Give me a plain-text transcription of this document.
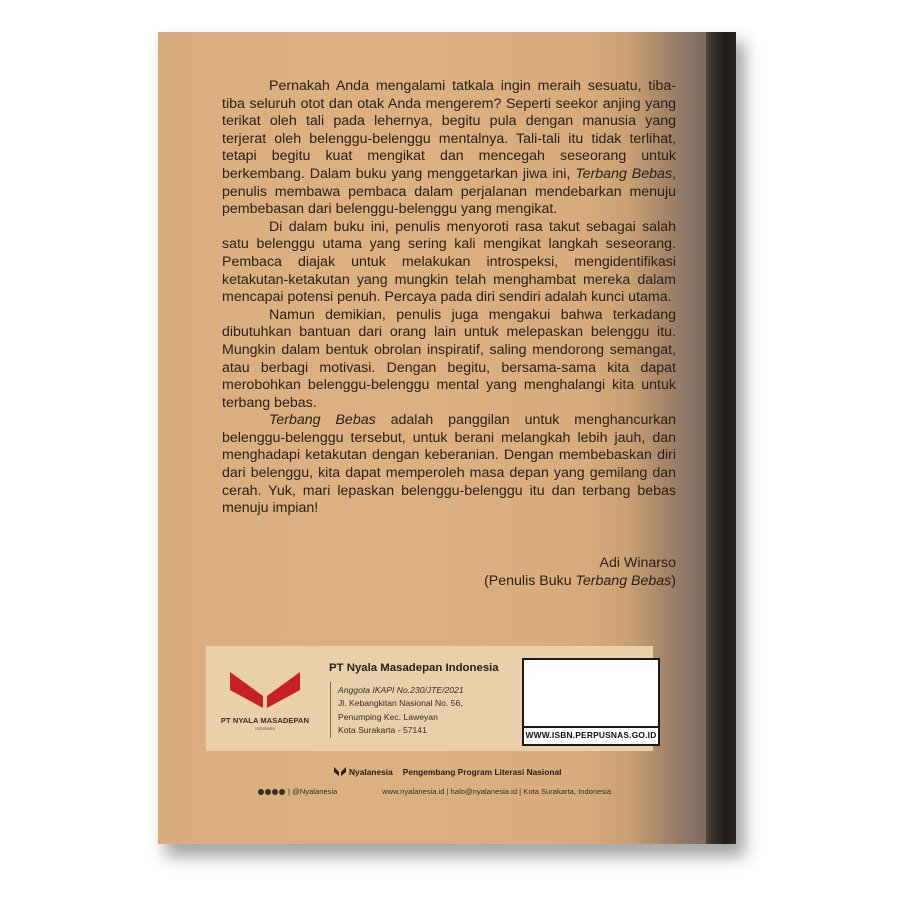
Pernakah Anda mengalami tatkala ingin meraih sesuatu, tiba-tiba seluruh otot dan otak Anda mengerem? Seperti seekor anjing yang terikat oleh tali pada lehernya, begitu pula dengan manusia yang terjerat oleh belenggu-belenggu mentalnya. Tali-tali itu tidak terlihat, tetapi begitu kuat mengikat dan mencegah seseorang untuk berkembang. Dalam buku yang menggetarkan jiwa ini, Terbang Bebas, penulis membawa pembaca dalam perjalanan mendebarkan menuju pembebasan dari belenggu-belenggu yang mengikat.

Di dalam buku ini, penulis menyoroti rasa takut sebagai salah satu belenggu utama yang sering kali mengikat langkah seseorang. Pembaca diajak untuk melakukan introspeksi, mengidentifikasi ketakutan-ketakutan yang mungkin telah menghambat mereka dalam mencapai potensi penuh. Percaya pada diri sendiri adalah kunci utama.

Namun demikian, penulis juga mengakui bahwa terkadang dibutuhkan bantuan dari orang lain untuk melepaskan belenggu itu. Mungkin dalam bentuk obrolan inspiratif, saling mendorong semangat, atau berbagi motivasi. Dengan begitu, bersama-sama kita dapat merobohkan belenggu-belenggu mental yang menghalangi kita untuk terbang bebas.

Terbang Bebas adalah panggilan untuk menghancurkan belenggu-belenggu tersebut, untuk berani melangkah lebih jauh, dan menghadapi ketakutan dengan keberanian. Dengan membebaskan diri dari belenggu, kita dapat memperoleh masa depan yang gemilang dan cerah. Yuk, mari lepaskan belenggu-belenggu itu dan terbang bebas menuju impian!

Adi Winarso
(Penulis Buku Terbang Bebas)
PT NYALA MASADEPAN
Indonesia
PT Nyala Masadepan Indonesia
Anggota IKAPI No.230/JTE/2021
Jl. Kebangkitan Nasional No. 56,
Penumping Kec. Laweyan
Kota Surakarta - 57141
WWW.ISBN.PERPUSNAS.GO.ID
Nyalanesia Pengembang Program Literasi Nasional
| @Nyalanesia	www.nyalanesia.id | halo@nyalanesia.id | Kota Surakarta, Indonesia
